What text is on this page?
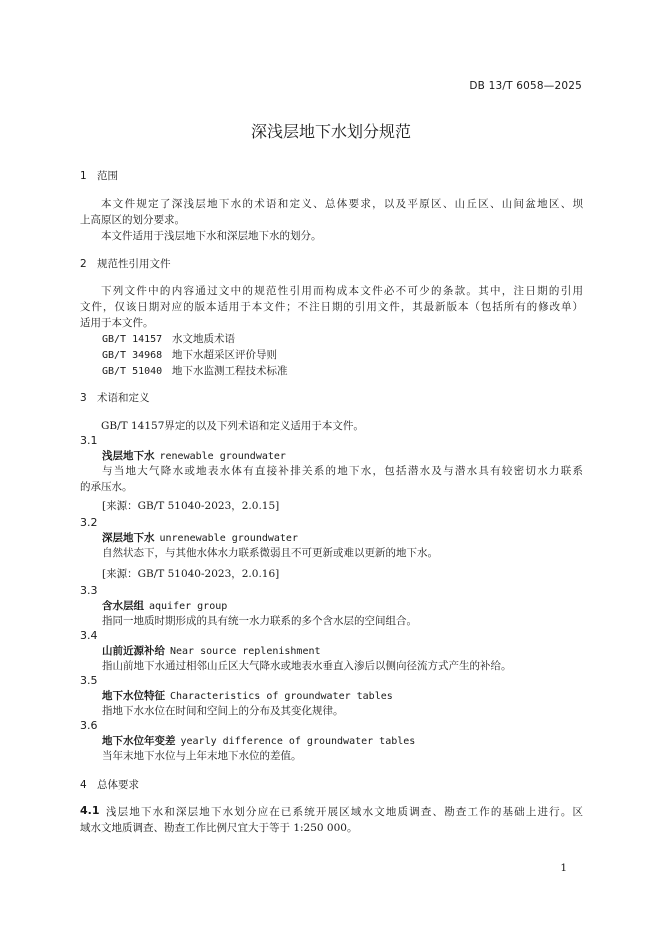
DB 13/T 6058—2025
深浅层地下水划分规范
1 范围
本文件规定了深浅层地下水的术语和定义、总体要求，以及平原区、山丘区、山间盆地区、坝
上高原区的划分要求。
本文件适用于浅层地下水和深层地下水的划分。
2 规范性引用文件
下列文件中的内容通过文中的规范性引用而构成本文件必不可少的条款。其中，注日期的引用
文件，仅该日期对应的版本适用于本文件；不注日期的引用文件，其最新版本（包括所有的修改单）
适用于本文件。
GB/T 14157 水文地质术语
GB/T 34968 地下水超采区评价导则
GB/T 51040 地下水监测工程技术标准
3 术语和定义
GB/T 14157界定的以及下列术语和定义适用于本文件。
3.1
浅层地下水 renewable groundwater
与当地大气降水或地表水体有直接补排关系的地下水，包括潜水及与潜水具有较密切水力联系
的承压水。
[来源：GB/T 51040-2023，2.0.15]
3.2
深层地下水 unrenewable groundwater
自然状态下，与其他水体水力联系微弱且不可更新或难以更新的地下水。
[来源：GB/T 51040-2023，2.0.16]
3.3
含水层组 aquifer group
指同一地质时期形成的具有统一水力联系的多个含水层的空间组合。
3.4
山前近源补给 Near source replenishment
指山前地下水通过相邻山丘区大气降水或地表水垂直入渗后以侧向径流方式产生的补给。
3.5
地下水位特征 Characteristics of groundwater tables
指地下水水位在时间和空间上的分布及其变化规律。
3.6
地下水位年变差 yearly difference of groundwater tables
当年末地下水位与上年末地下水位的差值。
4 总体要求
4.1 浅层地下水和深层地下水划分应在已系统开展区域水文地质调查、勘查工作的基础上进行。区
域水文地质调查、勘查工作比例尺宜大于等于 1:250 000。
1
